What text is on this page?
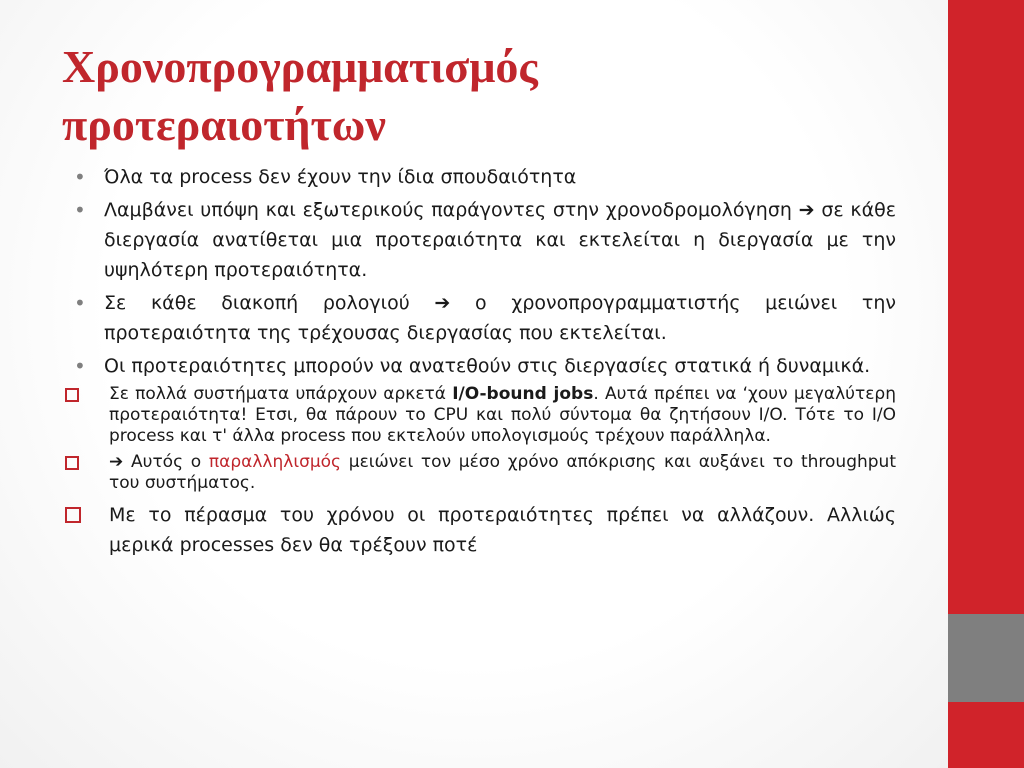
Χρονοπρογραμματισμός
προτεραιοτήτων
• Όλα τα process δεν έχουν την ίδια σπουδαιότητα
• Λαμβάνει υπόψη και εξωτερικούς παράγοντες στην χρονοδρομολόγηση ➔ σε κάθε διεργασία ανατίθεται μια προτεραιότητα και εκτελείται η διεργασία με την υψηλότερη προτεραιότητα.
• Σε κάθε διακοπή ρολογιού ➔ ο χρονοπρογραμματιστής μειώνει την προτεραιότητα της τρέχουσας διεργασίας που εκτελείται.
• Οι προτεραιότητες μπορούν να ανατεθούν στις διεργασίες στατικά ή δυναμικά.
Σε πολλά συστήματα υπάρχουν αρκετά I/O-bound jobs. Αυτά πρέπει να ‘χουν μεγαλύτερη προτεραιότητα! Ετσι, θα πάρουν το CPU και πολύ σύντομα θα ζητήσουν I/O. Τότε το I/O process και τ' άλλα process που εκτελούν υπολογισμούς τρέχουν παράλληλα.
➔ Αυτός ο παραλληλισμός μειώνει τον μέσο χρόνο απόκρισης και αυξάνει το throughput του συστήματος.
Με το πέρασμα του χρόνου οι προτεραιότητες πρέπει να αλλάζουν. Αλλιώς μερικά processes δεν θα τρέξουν ποτέ
